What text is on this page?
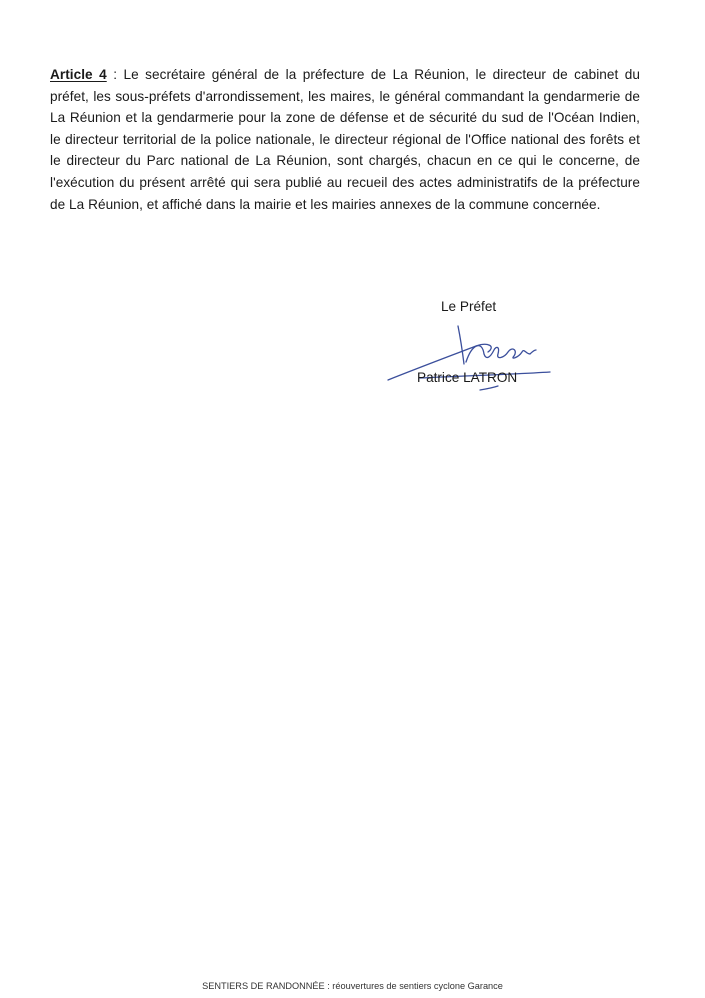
Article 4 : Le secrétaire général de la préfecture de La Réunion, le directeur de cabinet du préfet, les sous-préfets d'arrondissement, les maires, le général commandant la gendarmerie de La Réunion et la gendarmerie pour la zone de défense et de sécurité du sud de l'Océan Indien, le directeur territorial de la police nationale, le directeur régional de l'Office national des forêts et le directeur du Parc national de La Réunion, sont chargés, chacun en ce qui le concerne, de l'exécution du présent arrêté qui sera publié au recueil des actes administratifs de la préfecture de La Réunion, et affiché dans la mairie et les mairies annexes de la commune concernée.

Le Préfet
Patrice LATRON
SENTIERS DE RANDONNÉE : réouvertures de sentiers cyclone Garance
